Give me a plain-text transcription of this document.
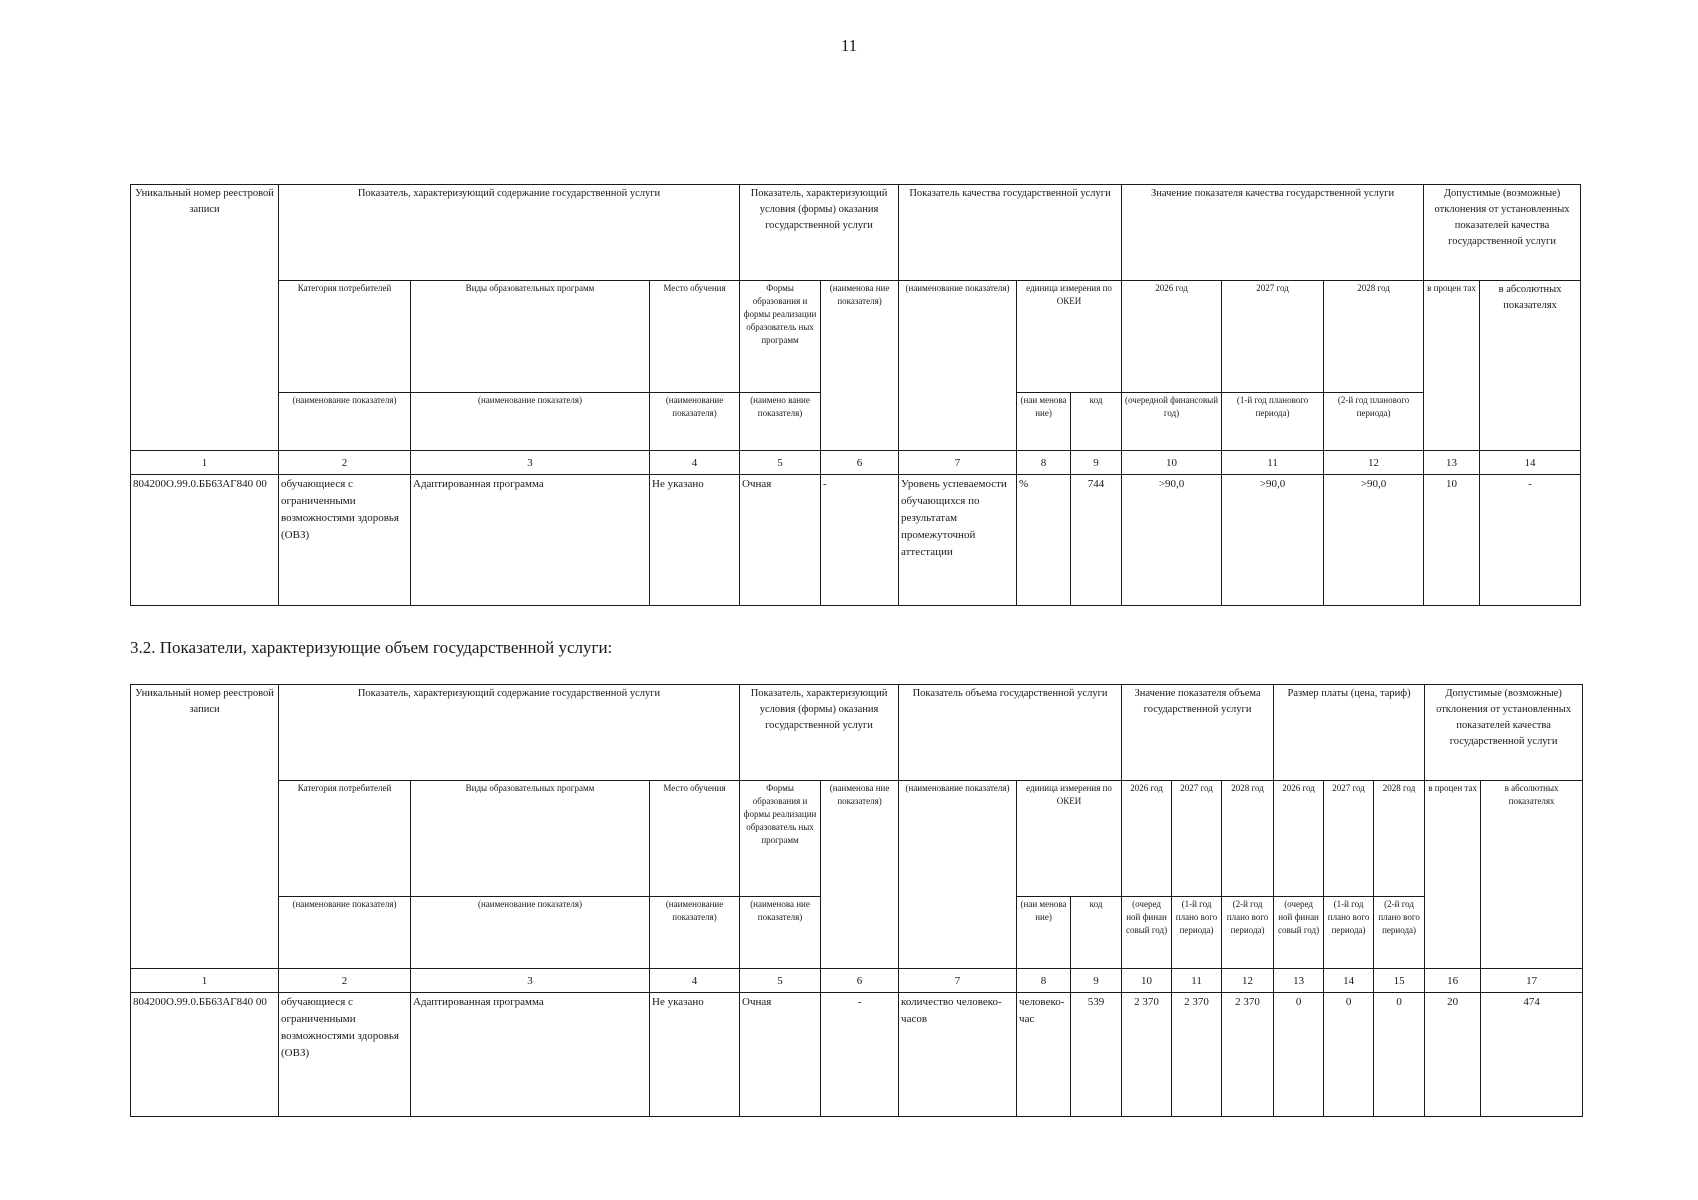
11
Уникальный номер реестровой записи	Показатель, характеризующий содержание государственной услуги			Показатель, характеризующий условия (формы) оказания государственной услуги		Показатель качества государственной услуги			Значение показателя качества государственной услуги			Допустимые (возможные) отклонения от установленных показателей качества государственной услуги	
	Категория потребителей	Виды образовательных программ	Место обучения	Формы образования и формы реализации образователь ных программ	(наименова ние показателя)	(наименование показателя)	единица измерения по ОКЕИ		2026 год	2027 год	2028 год	в процен тах	в абсолютных показателях
	(наименование показателя)	(наименование показателя)	(наименование показателя)	(наимено вание показателя)			(наи менова ние)	код	(очередной финансовый год)	(1-й год планового периода)	(2-й год планового периода)		
1	2	3	4	5	6	7	8	9	10	11	12	13	14
804200О.99.0.ББ63АГ840 00	обучающиеся с ограниченными возможностями здоровья (ОВЗ)	Адаптированная программа	Не указано	Очная	-	Уровень успеваемости обучающихся по результатам промежуточной аттестации	%	744	>90,0	>90,0	>90,0	10	-
3.2. Показатели, характеризующие объем государственной услуги:
Уникальный номер реестровой записи	Показатель, характеризующий содержание государственной услуги			Показатель, характеризующий условия (формы) оказания государственной услуги		Показатель объема государственной услуги			Значение показателя объема государственной услуги			Размер платы (цена, тариф)			Допустимые (возможные) отклонения от установленных показателей качества государственной услуги	
	Категория потребителей	Виды образовательных программ	Место обучения	Формы образования и формы реализации образователь ных программ	(наименова ние показателя)	(наименование показателя)	единица измерения по ОКЕИ		2026 год	2027 год	2028 год	2026 год	2027 год	2028 год	в процен тах	в абсолютных показателях
	(наименование показателя)	(наименование показателя)	(наименование показателя)	(наименова ние показателя)			(наи менова ние)	код	(очеред ной финан совый год)	(1-й год плано вого периода)	(2-й год плано вого периода)	(очеред ной финан совый год)	(1-й год плано вого периода)	(2-й год плано вого периода)		
1	2	3	4	5	6	7	8	9	10	11	12	13	14	15	16	17
804200О.99.0.ББ63АГ840 00	обучающиеся с ограниченными возможностями здоровья (ОВЗ)	Адаптированная программа	Не указано	Очная	-	количество человеко-часов	человеко-час	539	2 370	2 370	2 370	0	0	0	20	474
